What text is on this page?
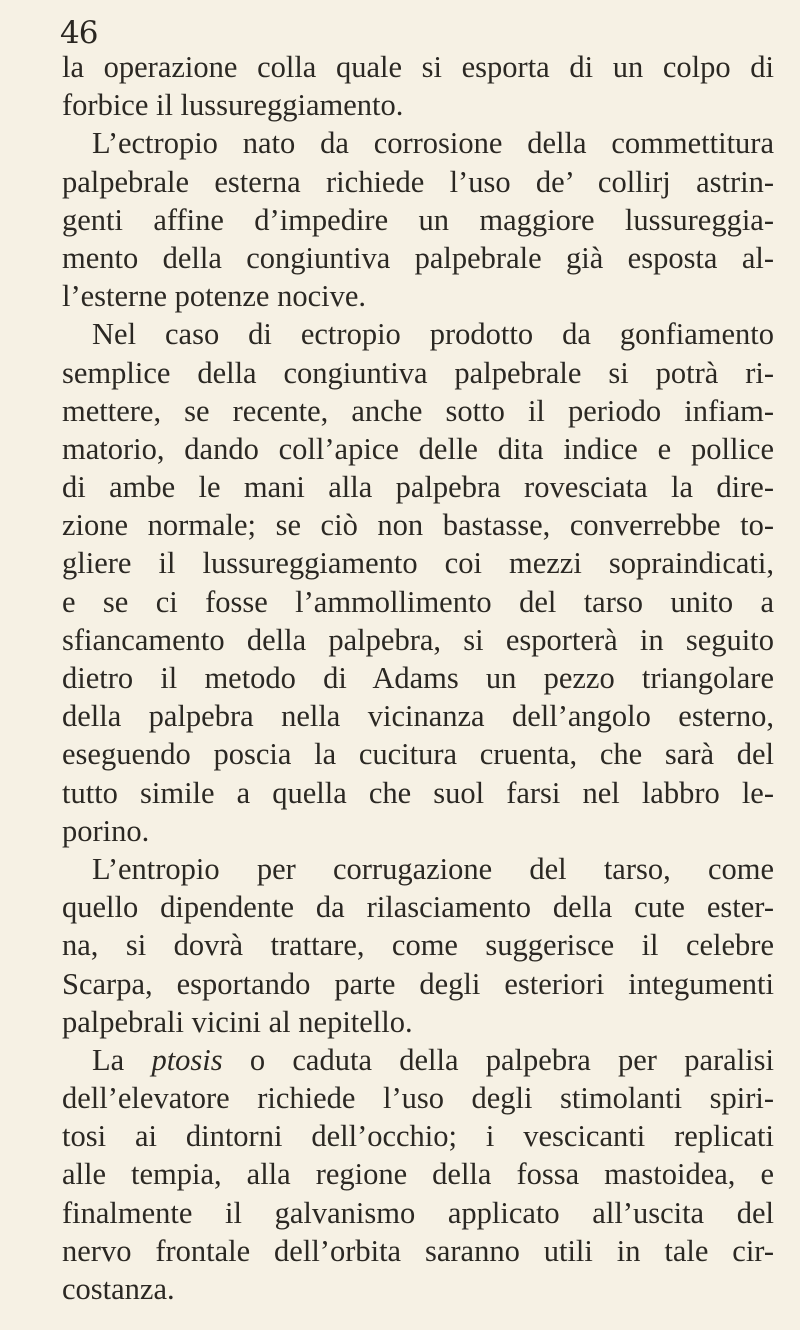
46
la operazione colla quale si esporta di un colpo di
forbice il lussureggiamento.
L’ectropio nato da corrosione della commettitura
palpebrale esterna richiede l’uso de’ collirj astrin-
genti affine d’impedire un maggiore lussureggia-
mento della congiuntiva palpebrale già esposta al-
l’esterne potenze nocive.
Nel caso di ectropio prodotto da gonfiamento
semplice della congiuntiva palpebrale si potrà ri-
mettere, se recente, anche sotto il periodo infiam-
matorio, dando coll’apice delle dita indice e pollice
di ambe le mani alla palpebra rovesciata la dire-
zione normale; se ciò non bastasse, converrebbe to-
gliere il lussureggiamento coi mezzi sopraindicati,
e se ci fosse l’ammollimento del tarso unito a
sfiancamento della palpebra, si esporterà in seguito
dietro il metodo di Adams un pezzo triangolare
della palpebra nella vicinanza dell’angolo esterno,
eseguendo poscia la cucitura cruenta, che sarà del
tutto simile a quella che suol farsi nel labbro le-
porino.
L’entropio per corrugazione del tarso, come
quello dipendente da rilasciamento della cute ester-
na, si dovrà trattare, come suggerisce il celebre
Scarpa, esportando parte degli esteriori integumenti
palpebrali vicini al nepitello.
La ptosis o caduta della palpebra per paralisi
dell’elevatore richiede l’uso degli stimolanti spiri-
tosi ai dintorni dell’occhio; i vescicanti replicati
alle tempia, alla regione della fossa mastoidea, e
finalmente il galvanismo applicato all’uscita del
nervo frontale dell’orbita saranno utili in tale cir-
costanza.
